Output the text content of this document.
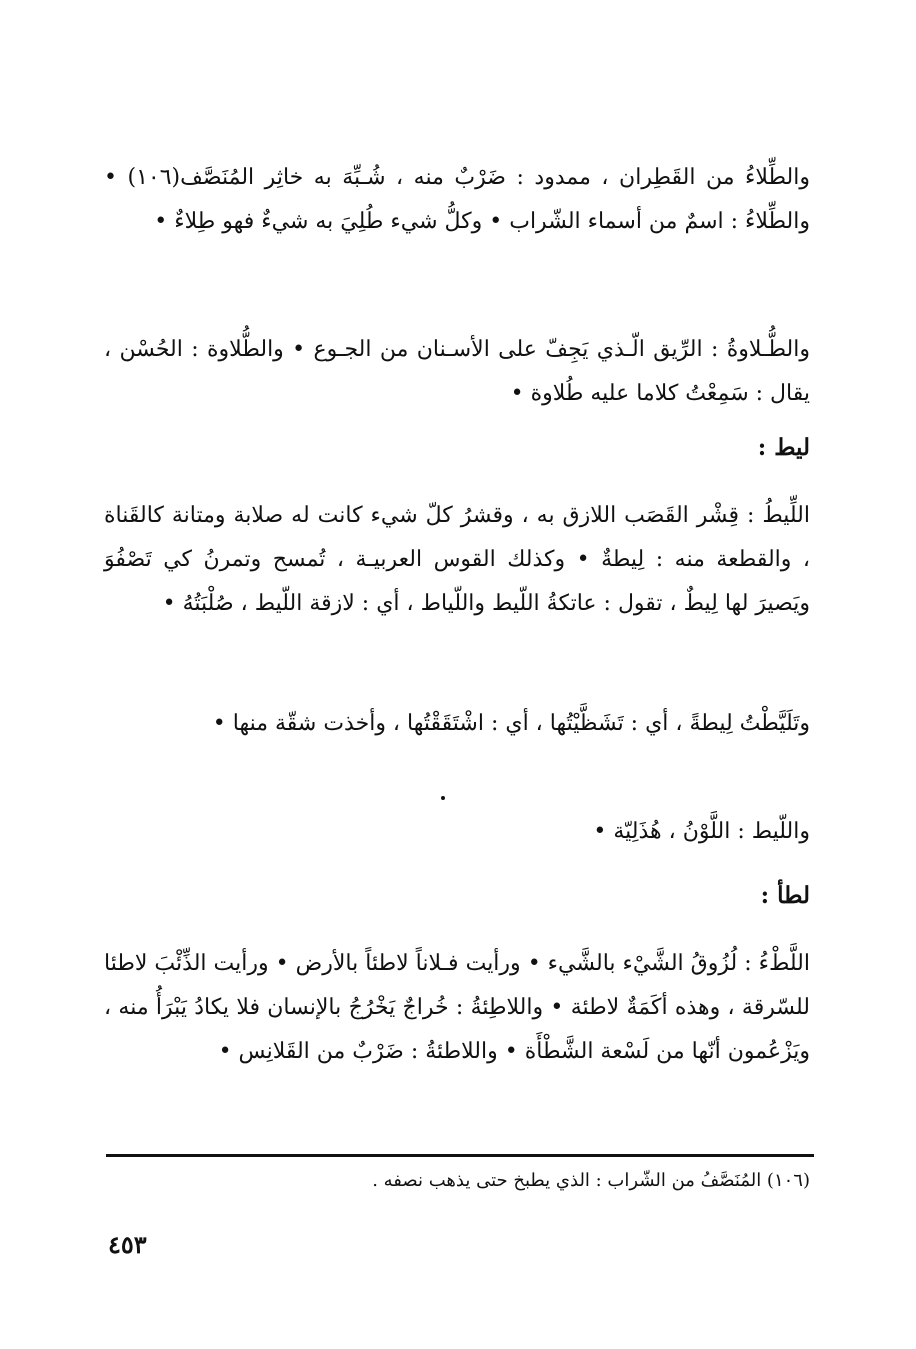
والطِّلاءُ من القَطِران ، ممدود : ضَرْبٌ منه ، شُـبِّهَ به خاثِر المُنَصَّف(١٠٦) • والطِّلاءُ : اسمٌ من أسماء الشّراب • وكلُّ شيء طُلِيَ به شيءٌ فهو طِلاءٌ •

والطُّـلاوةُ : الرِّيق الّـذي يَجِفّ على الأسـنان من الجـوع • والطُّلاوة : الحُسْن ، يقال : سَمِعْتُ كلاما عليه طُلاوة •

ليط :

اللِّيطُ : قِشْر القَصَب اللازق به ، وقشرُ كلّ شيء كانت له صلابة ومتانة كالقَناة ، والقطعة منه : لِيطةٌ • وكذلك القوس العربيـة ، تُمسح وتمرنُ كي تَصْفُوَ ويَصيرَ لها لِيطٌ ، تقول : عاتكةُ اللّيط واللّياط ، أي : لازقة اللّيط ، صُلْبَتُهُ •

وتَلَيَّطْتُ لِيطةً ، أي : تَشَظَّيْتُها ، أي : اشْتَقَقْتُها ، وأخذت شقّة منها •

واللّيط : اللَّوْنُ ، هُذَلِيّة •

لطأ :

اللَّطْءُ : لُزُوقُ الشَّيْء بالشَّيء • ورأيت فـلاناً لاطئاً بالأرض • ورأيت الذِّئْبَ لاطئا للسّرقة ، وهذه أكَمَةٌ لاطئة • واللاطِئةُ : خُراجٌ يَخْرُجُ بالإنسان فلا يكادُ يَبْرَأُ منه ، ويَزْعُمون أنّها من لَسْعة الشَّطْأَة • واللاطئةُ : ضَرْبٌ من القَلانِس •

(١٠٦) المُنَصَّفُ من الشّراب : الذي يطبخ حتى يذهب نصفه .
٤٥٣
